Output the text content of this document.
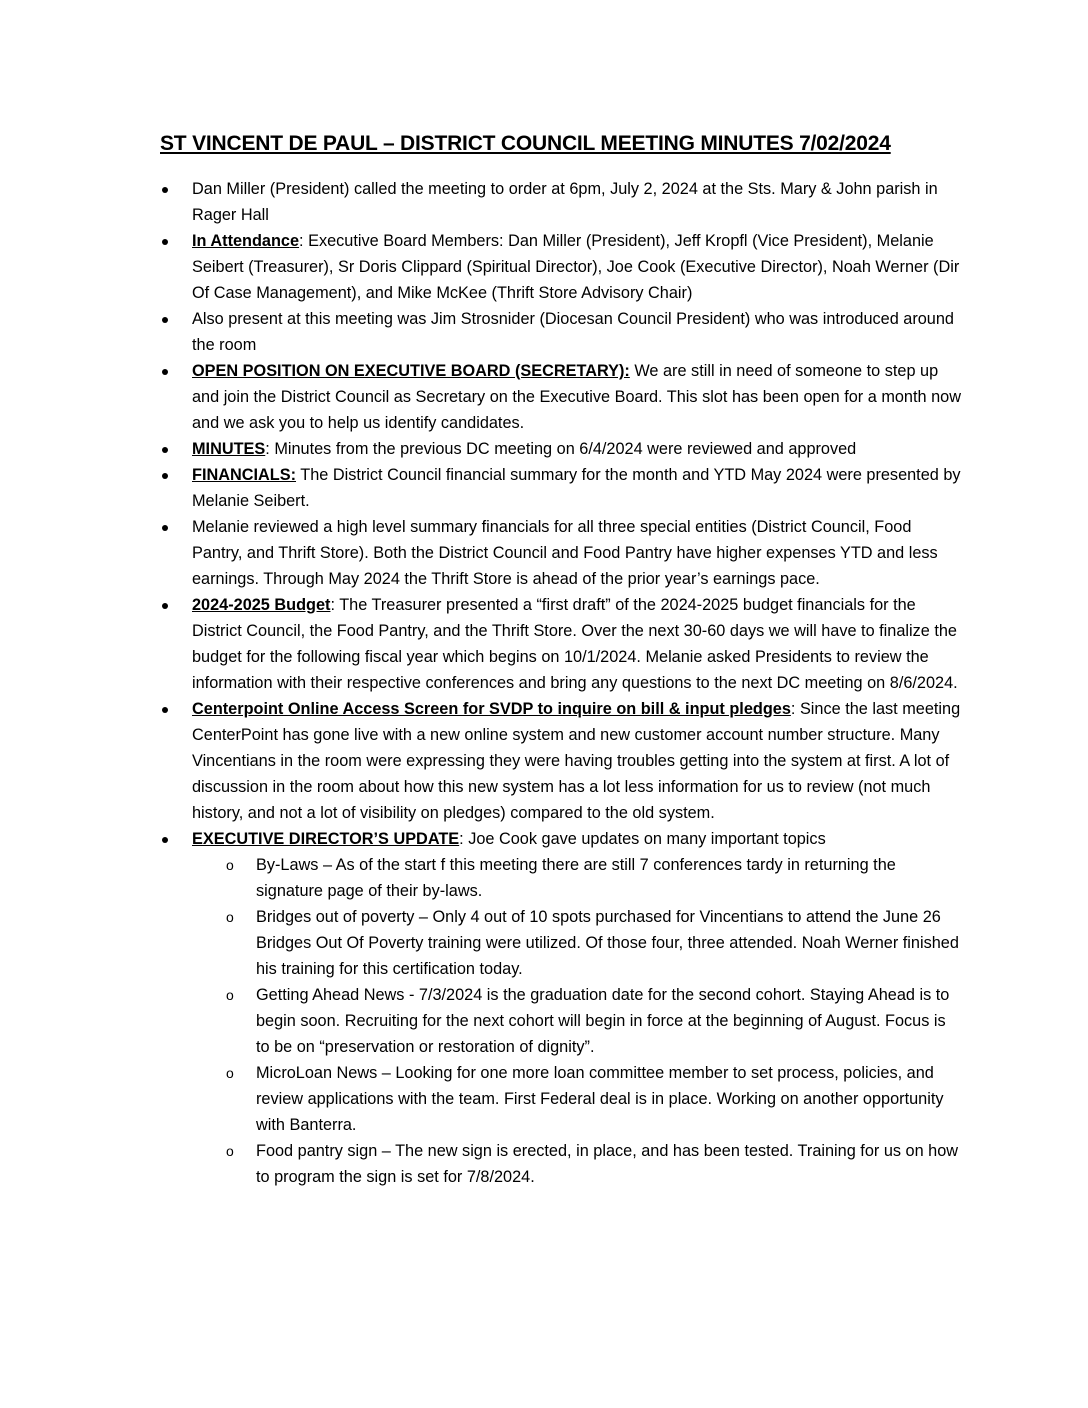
ST VINCENT DE PAUL – DISTRICT COUNCIL MEETING MINUTES 7/02/2024
Dan Miller (President) called the meeting to order at 6pm, July 2, 2024 at the Sts. Mary & John parish in Rager Hall
In Attendance: Executive Board Members: Dan Miller (President), Jeff Kropfl (Vice President), Melanie Seibert (Treasurer), Sr Doris Clippard (Spiritual Director), Joe Cook (Executive Director), Noah Werner (Dir Of Case Management), and Mike McKee (Thrift Store Advisory Chair)
Also present at this meeting was Jim Strosnider (Diocesan Council President) who was introduced around the room
OPEN POSITION ON EXECUTIVE BOARD (SECRETARY): We are still in need of someone to step up and join the District Council as Secretary on the Executive Board. This slot has been open for a month now and we ask you to help us identify candidates.
MINUTES: Minutes from the previous DC meeting on 6/4/2024 were reviewed and approved
FINANCIALS: The District Council financial summary for the month and YTD May 2024 were presented by Melanie Seibert.
Melanie reviewed a high level summary financials for all three special entities (District Council, Food Pantry, and Thrift Store). Both the District Council and Food Pantry have higher expenses YTD and less earnings. Through May 2024 the Thrift Store is ahead of the prior year’s earnings pace.
2024-2025 Budget: The Treasurer presented a “first draft” of the 2024-2025 budget financials for the District Council, the Food Pantry, and the Thrift Store. Over the next 30-60 days we will have to finalize the budget for the following fiscal year which begins on 10/1/2024. Melanie asked Presidents to review the information with their respective conferences and bring any questions to the next DC meeting on 8/6/2024.
Centerpoint Online Access Screen for SVDP to inquire on bill & input pledges: Since the last meeting CenterPoint has gone live with a new online system and new customer account number structure. Many Vincentians in the room were expressing they were having troubles getting into the system at first. A lot of discussion in the room about how this new system has a lot less information for us to review (not much history, and not a lot of visibility on pledges) compared to the old system.
EXECUTIVE DIRECTOR’S UPDATE: Joe Cook gave updates on many important topics
o By-Laws – As of the start f this meeting there are still 7 conferences tardy in returning the signature page of their by-laws.
o Bridges out of poverty – Only 4 out of 10 spots purchased for Vincentians to attend the June 26 Bridges Out Of Poverty training were utilized. Of those four, three attended. Noah Werner finished his training for this certification today.
o Getting Ahead News - 7/3/2024 is the graduation date for the second cohort. Staying Ahead is to begin soon. Recruiting for the next cohort will begin in force at the beginning of August. Focus is to be on “preservation or restoration of dignity”.
o MicroLoan News – Looking for one more loan committee member to set process, policies, and review applications with the team. First Federal deal is in place. Working on another opportunity with Banterra.
o Food pantry sign – The new sign is erected, in place, and has been tested. Training for us on how to program the sign is set for 7/8/2024.
